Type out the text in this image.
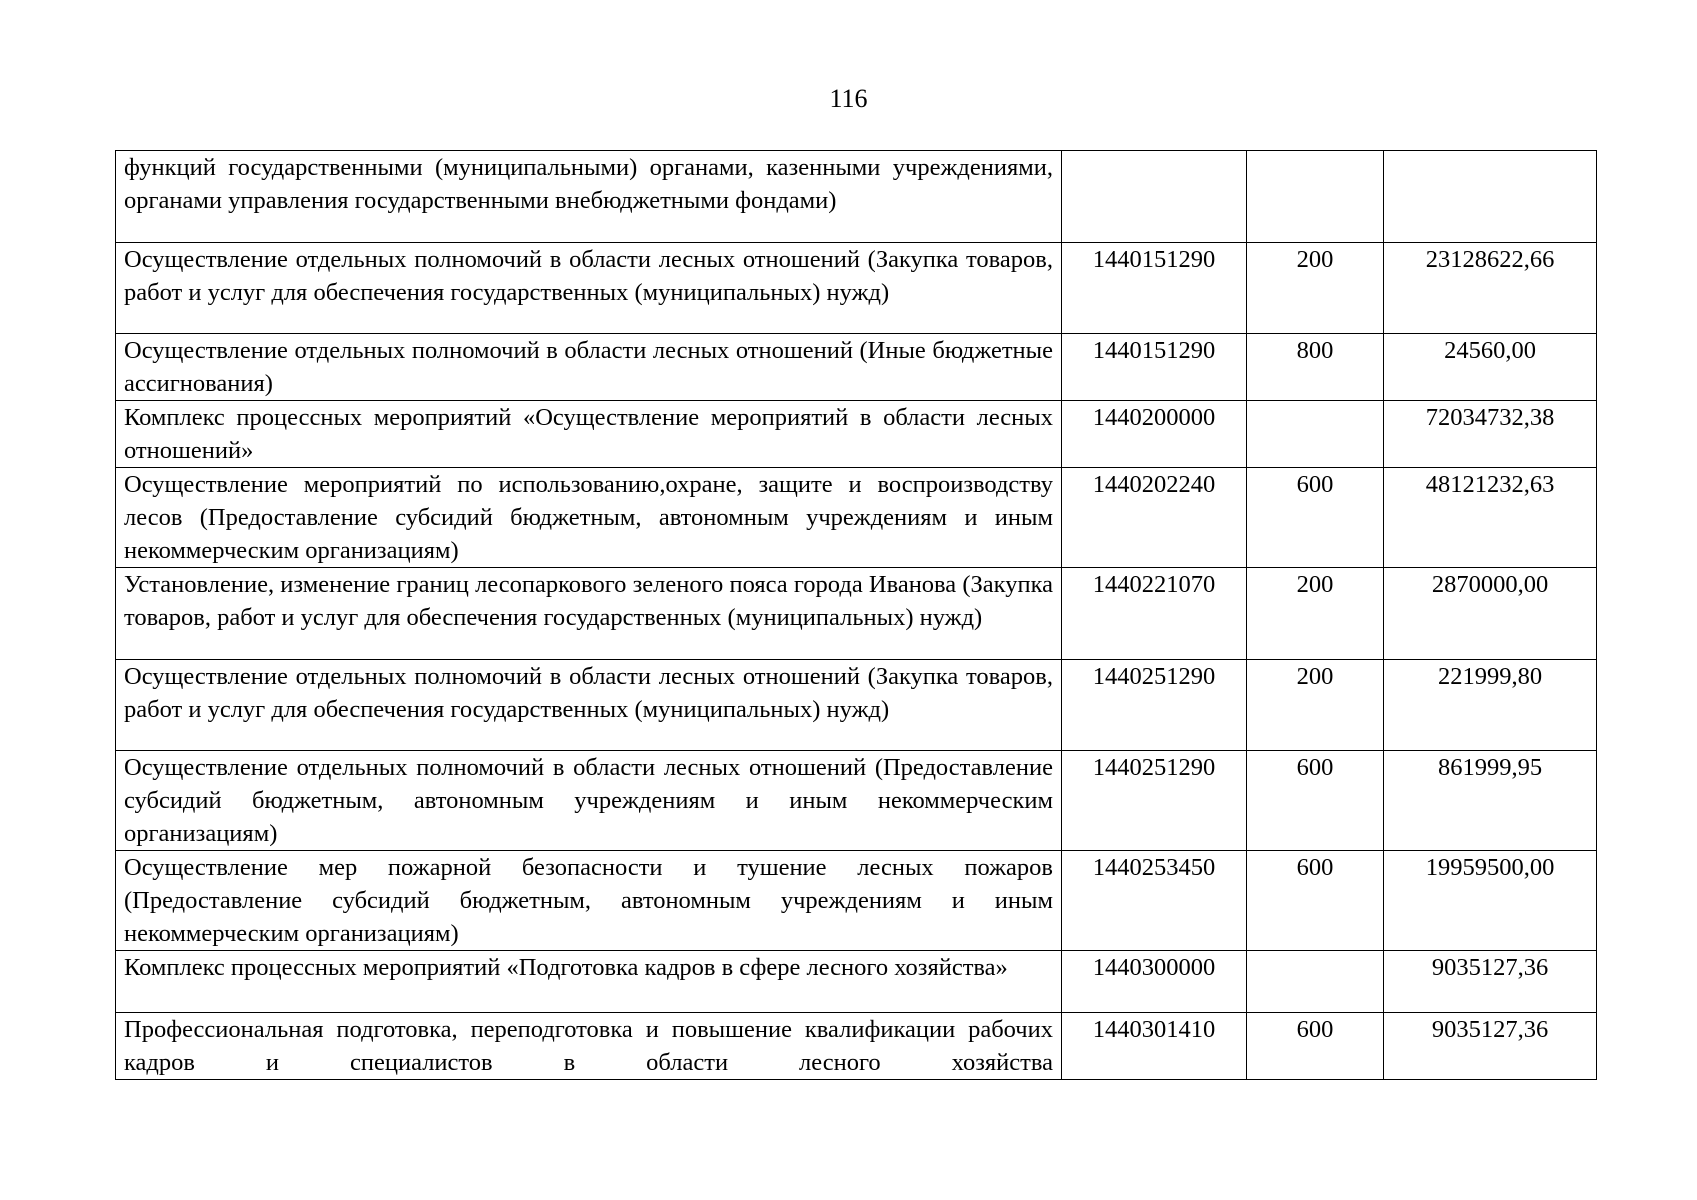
116
функций государственными (муниципальными) органами, казенными учреждениями, органами управления государственными внебюджетными фондами)			
Осуществление отдельных полномочий в области лесных отношений (Закупка товаров, работ и услуг для обеспечения государственных (муниципальных) нужд)	1440151290	200	23128622,66
Осуществление отдельных полномочий в области лесных отношений (Иные бюджетные ассигнования)	1440151290	800	24560,00
Комплекс процессных мероприятий «Осуществление мероприятий в области лесных отношений»	1440200000		72034732,38
Осуществление мероприятий по использованию,охране, защите и воспроизводству лесов (Предоставление субсидий бюджетным, автономным учреждениям и иным некоммерческим организациям)	1440202240	600	48121232,63
Установление, изменение границ лесопаркового зеленого пояса города Иванова (Закупка товаров, работ и услуг для обеспечения государственных (муниципальных) нужд)	1440221070	200	2870000,00
Осуществление отдельных полномочий в области лесных отношений (Закупка товаров, работ и услуг для обеспечения государственных (муниципальных) нужд)	1440251290	200	221999,80
Осуществление отдельных полномочий в области лесных отношений (Предоставление субсидий бюджетным, автономным учреждениям и иным некоммерческим организациям)	1440251290	600	861999,95
Осуществление мер пожарной безопасности и тушение лесных пожаров (Предоставление субсидий бюджетным, автономным учреждениям и иным некоммерческим организациям)	1440253450	600	19959500,00
Комплекс процессных мероприятий «Подготовка кадров в сфере лесного хозяйства»	1440300000		9035127,36
Профессиональная подготовка, переподготовка и повышение квалификации рабочих кадров и специалистов в области лесного хозяйства	1440301410	600	9035127,36
